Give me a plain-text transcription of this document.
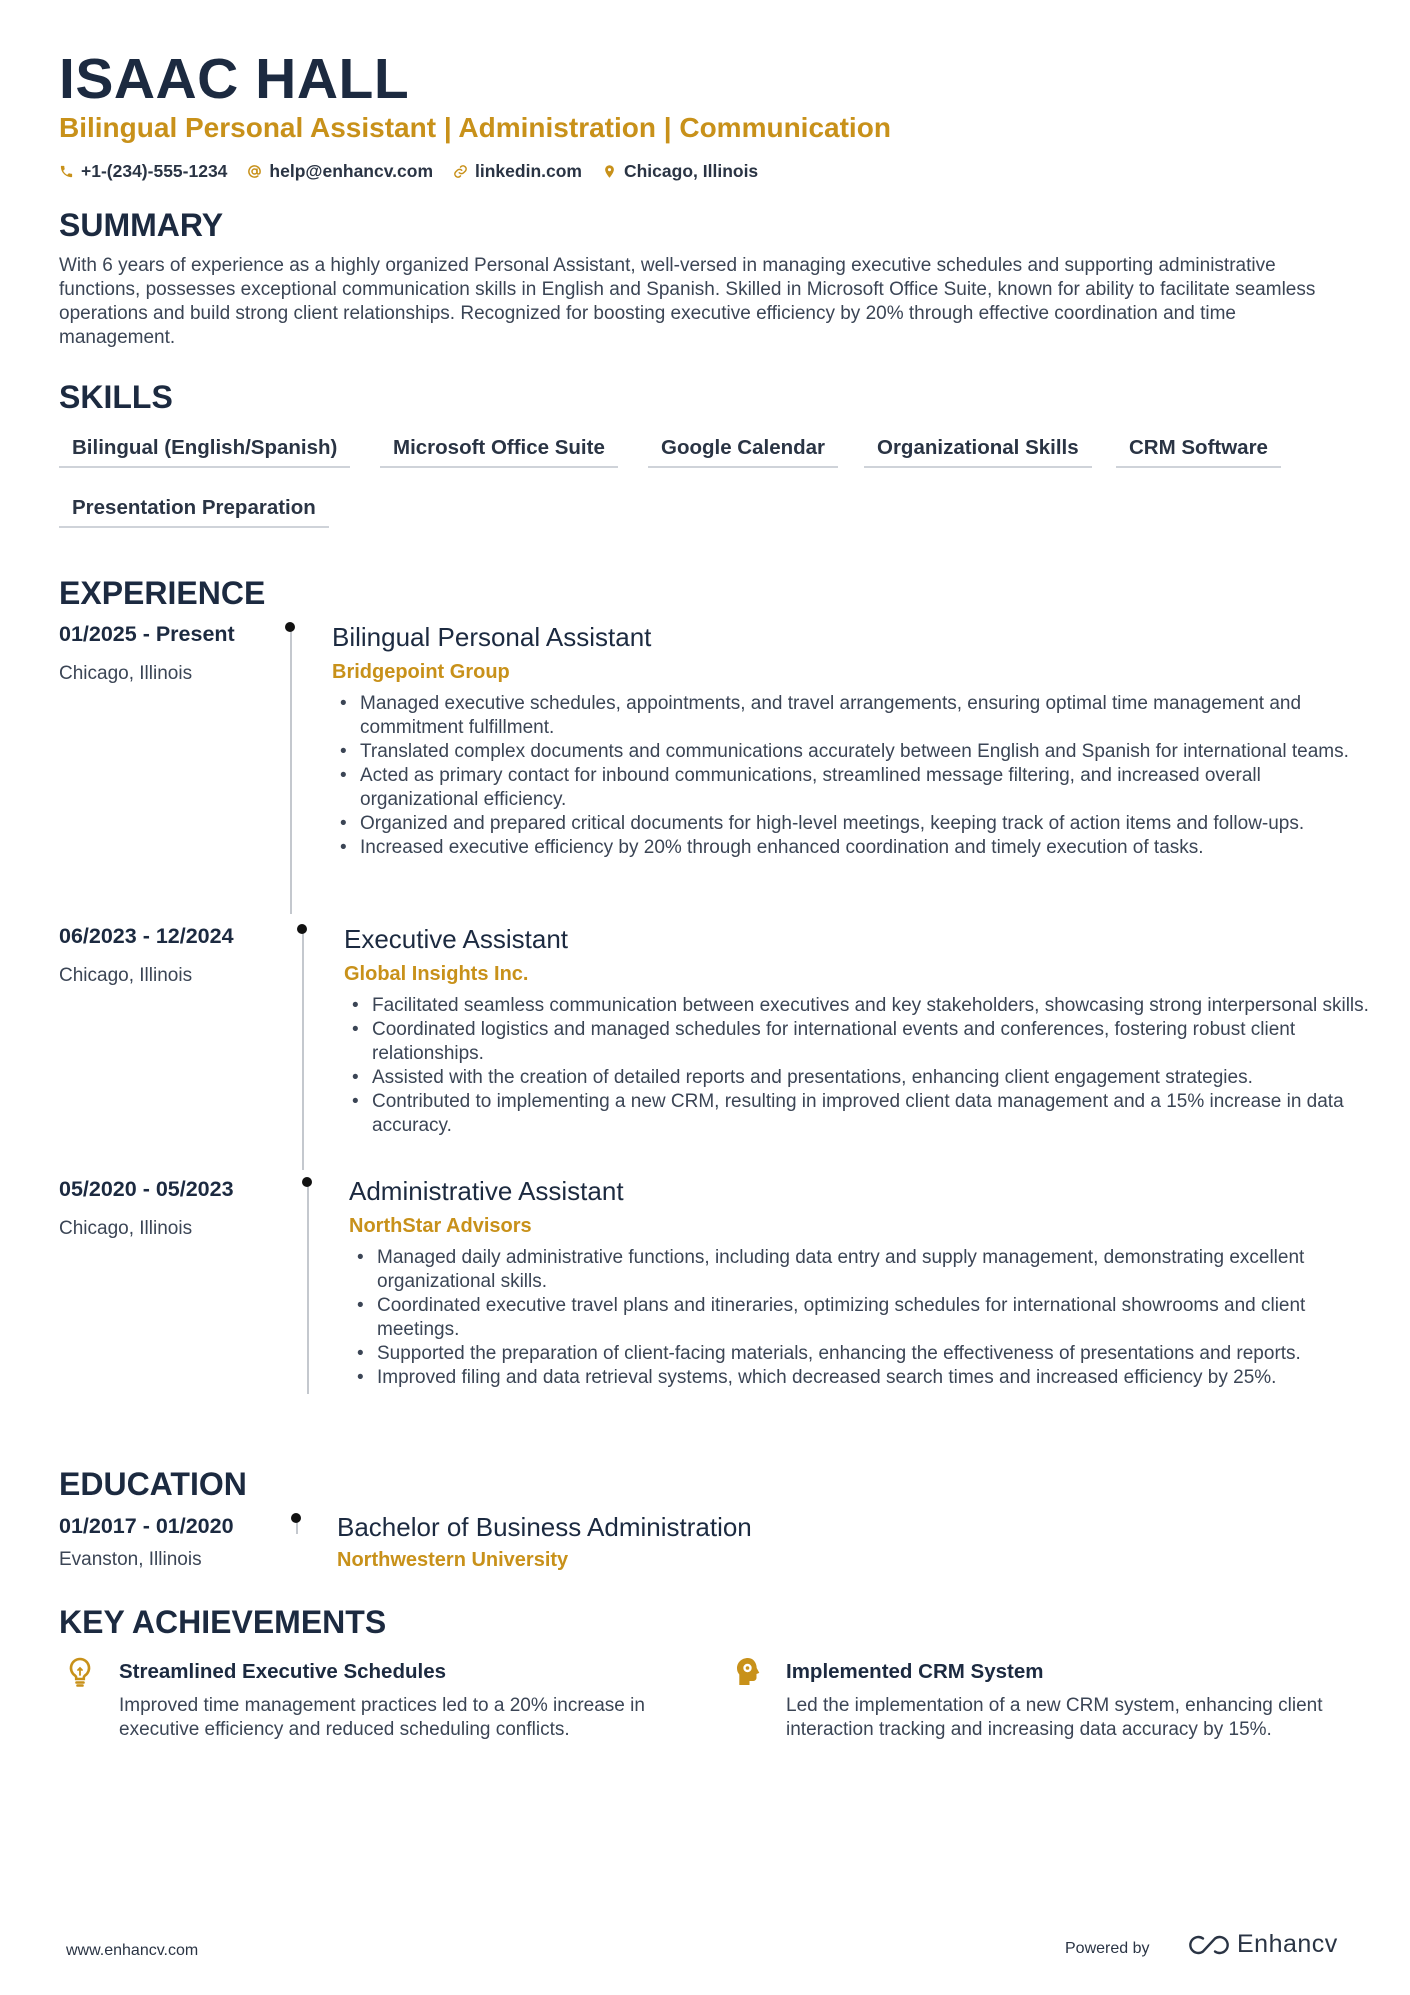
ISAAC HALL
Bilingual Personal Assistant | Administration | Communication
+1-(234)-555-1234 help@enhancv.com linkedin.com Chicago, Illinois
SUMMARY
With 6 years of experience as a highly organized Personal Assistant, well-versed in managing executive schedules and supporting administrative functions, possesses exceptional communication skills in English and Spanish. Skilled in Microsoft Office Suite, known for ability to facilitate seamless operations and build strong client relationships. Recognized for boosting executive efficiency by 20% through effective coordination and time management.
SKILLS
Bilingual (English/Spanish)	Microsoft Office Suite	Google Calendar	Organizational Skills	CRM Software
Presentation Preparation
EXPERIENCE
01/2025 - Present
Chicago, Illinois
Bilingual Personal Assistant
Bridgepoint Group
• Managed executive schedules, appointments, and travel arrangements, ensuring optimal time management and commitment fulfillment.
• Translated complex documents and communications accurately between English and Spanish for international teams.
• Acted as primary contact for inbound communications, streamlined message filtering, and increased overall organizational efficiency.
• Organized and prepared critical documents for high-level meetings, keeping track of action items and follow-ups.
• Increased executive efficiency by 20% through enhanced coordination and timely execution of tasks.
06/2023 - 12/2024
Chicago, Illinois
Executive Assistant
Global Insights Inc.
• Facilitated seamless communication between executives and key stakeholders, showcasing strong interpersonal skills.
• Coordinated logistics and managed schedules for international events and conferences, fostering robust client relationships.
• Assisted with the creation of detailed reports and presentations, enhancing client engagement strategies.
• Contributed to implementing a new CRM, resulting in improved client data management and a 15% increase in data accuracy.
05/2020 - 05/2023
Chicago, Illinois
Administrative Assistant
NorthStar Advisors
• Managed daily administrative functions, including data entry and supply management, demonstrating excellent organizational skills.
• Coordinated executive travel plans and itineraries, optimizing schedules for international showrooms and client meetings.
• Supported the preparation of client-facing materials, enhancing the effectiveness of presentations and reports.
• Improved filing and data retrieval systems, which decreased search times and increased efficiency by 25%.
EDUCATION
01/2017 - 01/2020
Evanston, Illinois
Bachelor of Business Administration
Northwestern University
KEY ACHIEVEMENTS
Streamlined Executive Schedules
Improved time management practices led to a 20% increase in executive efficiency and reduced scheduling conflicts.
Implemented CRM System
Led the implementation of a new CRM system, enhancing client interaction tracking and increasing data accuracy by 15%.
www.enhancv.com	Powered by	Enhancv
